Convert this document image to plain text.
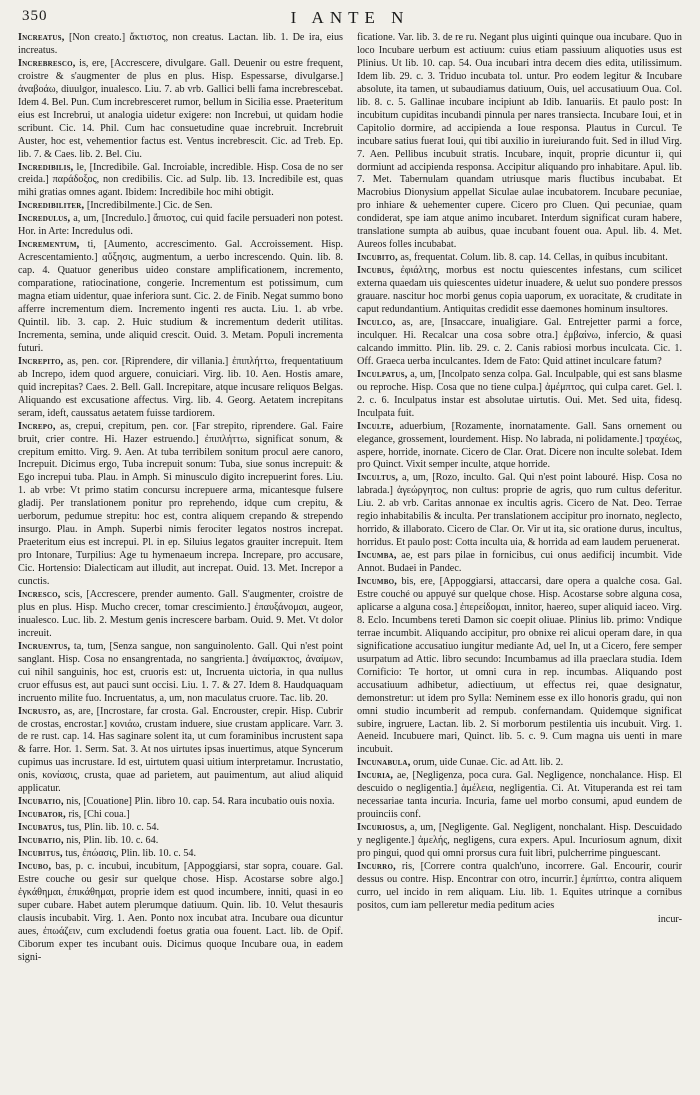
350	I ANTE N

Increatus, [Non creato.] ἄκτιστος, non creatus. Lactan. lib. 1. De ira, eius increatus.

Increbresco, is, ere, [Accrescere, divulgare. Gall. Deuenir ou estre frequent, croistre & s'augmenter de plus en plus. Hisp. Espessarse, divulgarse.] ἀναβοάω, diuulgor, inualesco. Liu. 7. ab vrb. Gallici belli fama increbrescebat. Idem 4. Bel. Pun. Cum increbresceret rumor, bellum in Sicilia esse. Praeteritum eius est Increbrui, ut analogia uidetur exigere: non Increbui, ut quidam hodie scribunt. Cic. 14. Phil. Cum hac consuetudine quae increbruit. Increbruit Auster, hoc est, vehementior factus est. Ventus increbrescit. Cic. ad Treb. Ep. lib. 7. & Caes. lib. 2. Bel. Ciu.

Incredibilis, le, [Incredibile. Gal. Incroiable, incredible. Hisp. Cosa de no ser creida.] παράδοξος, non credibilis. Cic. ad Sulp. lib. 13. Incredibile est, quas mihi gratias omnes agant. Ibidem: Incredibile hoc mihi obtigit.

Incredibiliter, [Incredibilmente.] Cic. de Sen.

Incredulus, a, um, [Incredulo.] ἄπιστος, cui quid facile persuaderi non potest. Hor. in Arte: Incredulus odi.

Incrementum, ti, [Aumento, accrescimento. Gal. Accroissement. Hisp. Acrescentamiento.] αὔξησις, augmentum, a uerbo increscendo. Quin. lib. 8. cap. 4. Quatuor generibus uideo constare amplificationem, incremento, comparatione, ratiocinatione, congerie. Incrementum est potissimum, cum magna etiam uidentur, quae inferiora sunt. Cic. 2. de Finib. Negat summo bono afferre incrementum diem. Incremento ingenti res aucta. Liu. 1. ab vrbe. Quintil. lib. 3. cap. 2. Huic studium & incrementum dederit utilitas. Incrementa, semina, unde aliquid crescit. Ouid. 3. Metam. Populi incrementa futuri.

Increpito, as, pen. cor. [Riprendere, dir villania.] ἐπιπλήττω, frequentatiuum ab Increpo, idem quod arguere, conuiciari. Virg. lib. 10. Aen. Hostis amare, quid increpitas? Caes. 2. Bell. Gall. Increpitare, atque incusare reliquos Belgas. Aliquando est excusatione affectus. Virg. lib. 4. Georg. Aetatem increpitans seram, ideft, caussatus aetatem fuisse tardiorem.

Increpo, as, crepui, crepitum, pen. cor. [Far strepito, riprendere. Gal. Faire bruit, crier contre. Hi. Hazer estruendo.] ἐπιπλήττω, significat sonum, & crepitum emitto. Virg. 9. Aen. At tuba terribilem sonitum procul aere canoro, Increpuit. Dicimus ergo, Tuba increpuit sonum: Tuba, siue sonus increpuit: & Ego increpui tuba. Plau. in Amph. Si minusculo digito increpuerint fores. Liu. 1. ab vrbe: Vt primo statim concursu increpuere arma, micantesque fulsere gladij. Per translationem ponitur pro reprehendo, idque cum crepitu, & uerborum, pedumue strepitu: hoc est, contra aliquem crepando & strependo insurgo. Plau. in Amph. Superbi nimis ferociter legatos nostros increpat. Praeteritum eius est increpui. Pl. in ep. Siluius legatos grauiter increpuit. Item pro Intonare, Turpilius: Age tu hymenaeum increpa. Increpare, pro accusare, Cic. Hortensio: Dialecticam aut illudit, aut increpat. Ouid. 13. Met. Increpor a cunctis.

Incresco, scis, [Accrescere, prender aumento. Gall. S'augmenter, croistre de plus en plus. Hisp. Mucho crecer, tomar crescimiento.] ἐπαυξάνομαι, augeor, inualesco. Luc. lib. 2. Mestum genis increscere barbam. Ouid. 9. Met. Vt dolor increuit.

Incruentus, ta, tum, [Senza sangue, non sanguinolento. Gall. Qui n'est point sanglant. Hisp. Cosa no ensangrentada, no sangrienta.] ἀναίμακτος, ἀναίμων, cui nihil sanguinis, hoc est, cruoris est: ut, Incruenta uictoria, in qua nullus cruor effusus est, aut pauci sunt occisi. Liu. 1. 7. & 27. Idem 8. Haudquaquam incruento milite fuo. Incruentatus, a, um, non maculatus cruore. Tac. lib. 20.

Incrusto, as, are, [Incrostare, far crosta. Gal. Encrouster, crepir. Hisp. Cubrir de crostas, encrostar.] κονιάω, crustam induere, siue crustam applicare. Varr. 3. de re rust. cap. 14. Has saginare solent ita, ut cum foraminibus incrustent sapa & farre. Hor. 1. Serm. Sat. 3. At nos uirtutes ipsas inuertimus, atque Syncerum cupimus uas incrustare. Id est, uirtutem quasi uitium interpretamur. Incrustatio, onis, κονίασις, crusta, quae ad parietem, aut pauimentum, aut aliud aliquid applicatur.

Incubatio, nis, [Couatione] Plin. libro 10. cap. 54. Rara incubatio ouis noxia.

Incubator, ris, [Chi coua.]

Incubatus, tus, Plin. lib. 10. c. 54.

Incubatio, nis, Plin. lib. 10. c. 64.

Incubitus, tus, ἐπώασις, Plin. lib. 10. c. 54.

Incubo, bas, p. c. incubui, incubitum, [Appoggiarsi, star sopra, couare. Gal. Estre couche ou gesir sur quelque chose. Hisp. Acostarse sobre algo.] ἐγκάθημαι, ἐπικάθημαι, proprie idem est quod incumbere, inniti, quasi in eo super cubare. Habet autem plerumque datiuum. Quin. lib. 10. Velut thesauris clausis incubabit. Virg. 1. Aen. Ponto nox incubat atra. Incubare oua dicuntur aues, ἐπωάζειν, cum excludendi foetus gratia oua fouent. Lact. lib. de Opif. Ciborum exper tes incubant ouis. Dicimus quoque Incubare oua, in eadem signi-

ficatione. Var. lib. 3. de re ru. Negant plus uiginti quinque oua incubare. Quo in loco Incubare uerbum est actiuum: cuius etiam passiuum aliquoties usus est Plinius. Ut lib. 10. cap. 54. Oua incubari intra decem dies edita, utilissimum. Idem lib. 29. c. 3. Triduo incubata tol. untur. Pro eodem legitur & Incubare absolute, ita tamen, ut subaudiamus datiuum, Ouis, uel accusatiuum Oua. Col. lib. 8. c. 5. Gallinae incubare incipiunt ab Idib. Ianuariis. Et paulo post: In incubitum cupiditas incubandi pinnula per nares transiecta. Incubare Ioui, et in Capitolio dormire, ad accipienda a Ioue responsa. Plautus in Curcul. Te incubare satius fuerat Ioui, qui tibi auxilio in iureiurando fuit. Sed in illud Virg. 7. Aen. Pellibus incubuit stratis. Incubare, inquit, proprie dicuntur ii, qui dormiunt ad accipienda responsa. Accipitur aliquando pro inhabitare. Apul. lib. 7. Met. Tabernulam quandam utriusque maris fluctibus incubabat. Et Macrobius Dionysium appellat Siculae aulae incubatorem. Incubare pecuniae, pro inhiare & uehementer cupere. Cicero pro Cluen. Qui pecuniae, quam condiderat, spe iam atque animo incubaret. Interdum significat curam habere, translatione sumpta ab auibus, quae incubant fouent oua. Apul. lib. 4. Met. Aureos folles incubabat.

Incubito, as, frequentat. Colum. lib. 8. cap. 14. Cellas, in quibus incubitant.

Incubus, ἐφιάλτης, morbus est noctu quiescentes infestans, cum scilicet externa quaedam uis quiescentes uidetur inuadere, & uelut suo pondere pressos grauare. nascitur hoc morbi genus copia uaporum, ex uoracitate, & cruditate in caput redundantium. Antiquitas credidit esse daemones hominum insultores.

Inculco, as, are, [Insaccare, inualigiare. Gal. Entrejetter parmi a force, inculquer. Hi. Recalcar una cosa sobre otra.] ἐμβαίνω, infercio, & quasi calcando immitto. Plin. lib. 29. c. 2. Canis rabiosi morbus inculcata. Cic. 1. Off. Graeca uerba inculcantes. Idem de Fato: Quid attinet inculcare fatum?

Inculpatus, a, um, [Incolpato senza colpa. Gal. Inculpable, qui est sans blasme ou reproche. Hisp. Cosa que no tiene culpa.] ἀμέμπτος, qui culpa caret. Gel. l. 2. c. 6. Inculpatus instar est absolutae uirtutis. Oui. Met. Sed uita, fidesq. Inculpata fuit.

Inculte, aduerbium, [Rozamente, inornatamente. Gall. Sans ornement ou elegance, grossement, lourdement. Hisp. No labrada, ni polidamente.] τραχέως, aspere, horride, inornate. Cicero de Clar. Orat. Dicere non inculte solebat. Idem pro Quinct. Vixit semper inculte, atque horride.

Incultus, a, um, [Rozo, inculto. Gal. Qui n'est point labouré. Hisp. Cosa no labrada.] ἀγεώργητος, non cultus: proprie de agris, quo rum cultus deferitur. Liu. 2. ab vrb. Caritas annonae ex incultis agris. Cicero de Nat. Deo. Terrae regio inhabitabilis & inculta. Per translationem accipitur pro inornato, neglecto, horrido, & illaborato. Cicero de Clar. Or. Vir ut ita, sic oratione durus, incultus, horridus. Et paulo post: Cotta inculta uia, & horrida ad eam laudem peruenerat.

Incumba, ae, est pars pilae in fornicibus, cui onus aedificij incumbit. Vide Annot. Budaei in Pandec.

Incumbo, bis, ere, [Appoggiarsi, attaccarsi, dare opera a qualche cosa. Gal. Estre couché ou appuyé sur quelque chose. Hisp. Acostarse sobre alguna cosa, aplicarse a alguna cosa.] ἐπερείδομαι, innitor, haereo, super aliquid iaceo. Virg. 8. Eclo. Incumbens tereti Damon sic coepit oliuae. Plinius lib. primo: Vndique terrae incumbit. Aliquando accipitur, pro obnixe rei alicui operam dare, in qua significatione accusatiuo iungitur mediante Ad, uel In, ut a Cicero, fere semper usurpatum ad Attic. libro secundo: Incumbamus ad illa praeclara studia. Idem Cornificio: Te hortor, ut omni cura in rep. incumbas. Aliquando post accusatiuum adhibetur, adiectiuum, ut effectus rei, quae designatur, demonstretur: ut idem pro Sylla: Neminem esse ex illo honoris gradu, qui non omni studio incumberit ad rempub. confernandam. Quidemque significat subire, ingruere, Lactan. lib. 2. Si morborum pestilentia uis incubuit. Virg. 1. Aeneid. Incubuere mari, Quinct. lib. 5. c. 9. Cum magna uis uenti in mare incubuit.

Incunabula, orum, uide Cunae. Cic. ad Att. lib. 2.

Incuria, ae, [Negligenza, poca cura. Gal. Negligence, nonchalance. Hisp. El descuido o negligentia.] ἀμέλεια, negligentia. Ci. At. Vituperanda est rei tam necessariae tanta incuria. Incuria, fame uel morbo consumi, apud eundem de prouinciis conf.

Incuriosus, a, um, [Negligente. Gal. Negligent, nonchalant. Hisp. Descuidado y negligente.] ἀμελής, negligens, cura expers. Apul. Incuriosum agnum, dixit pro pingui, quod qui omni prorsus cura fuit libri, pulcherrime pinguescant.

Incurro, ris, [Correre contra qualch'uno, incorrere. Gal. Encourir, courir dessus ou contre. Hisp. Encontrar con otro, incurrir.] ἐμπίπτω, contra aliquem curro, uel incido in rem aliquam. Liu. lib. 1. Equites utrinque a cornibus positos, cum iam pelleretur media peditum acies

incur-
